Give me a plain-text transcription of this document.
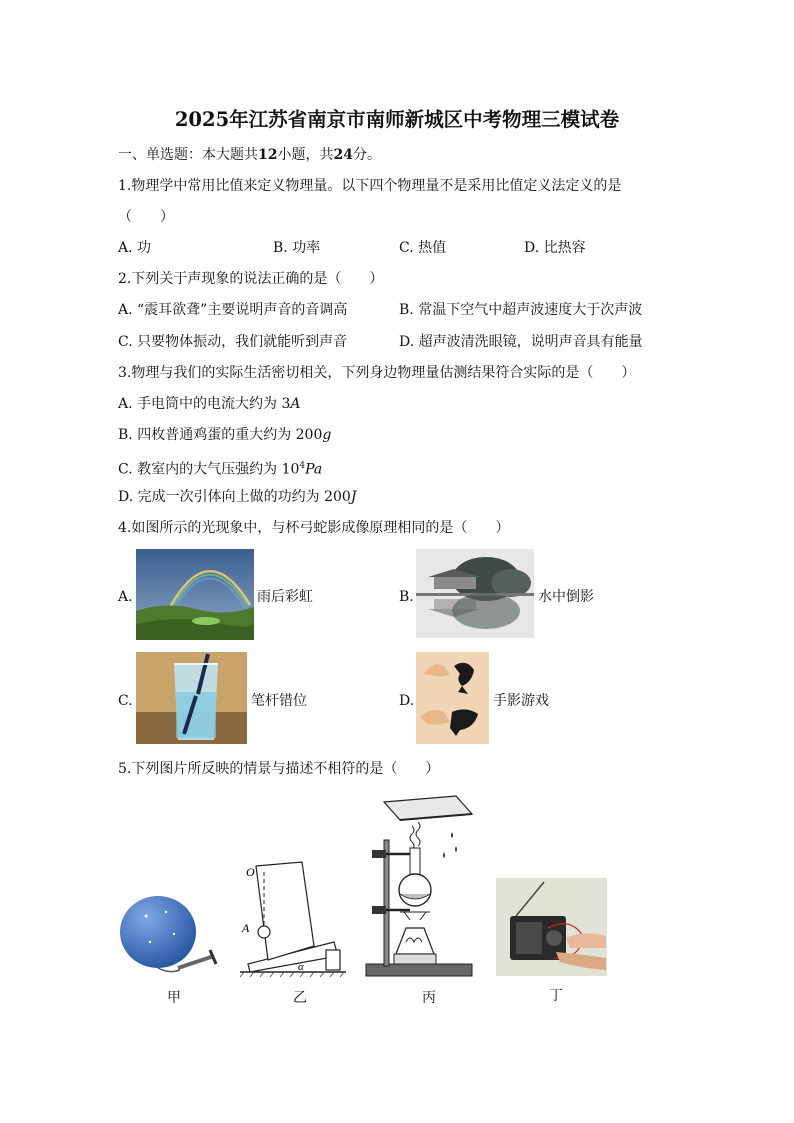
2025年江苏省南京市南师新城区中考物理三模试卷
一、单选题：本大题共12小题，共24分。
1.物理学中常用比值来定义物理量。以下四个物理量不是采用比值定义法定义的是
（　　）
A. 功	B. 功率	C. 热值	D. 比热容
2.下列关于声现象的说法正确的是（　　）
A. “震耳欲聋”主要说明声音的音调高	B. 常温下空气中超声波速度大于次声波
C. 只要物体振动，我们就能听到声音	D. 超声波清洗眼镜，说明声音具有能量
3.物理与我们的实际生活密切相关，下列身边物理量估测结果符合实际的是（　　）
A. 手电筒中的电流大约为 3A
B. 四枚普通鸡蛋的重大约为 200g
C. 教室内的大气压强约为 $10^4Pa$
D. 完成一次引体向上做的功约为 200J
4.如图所示的光现象中，与杯弓蛇影成像原理相同的是（　　）
A.	雨后彩虹	B.	水中倒影
C.	笔杆错位	D.	手影游戏
5.下列图片所反映的情景与描述不相符的是（　　）
甲
O
A
α
乙	丙	丁
